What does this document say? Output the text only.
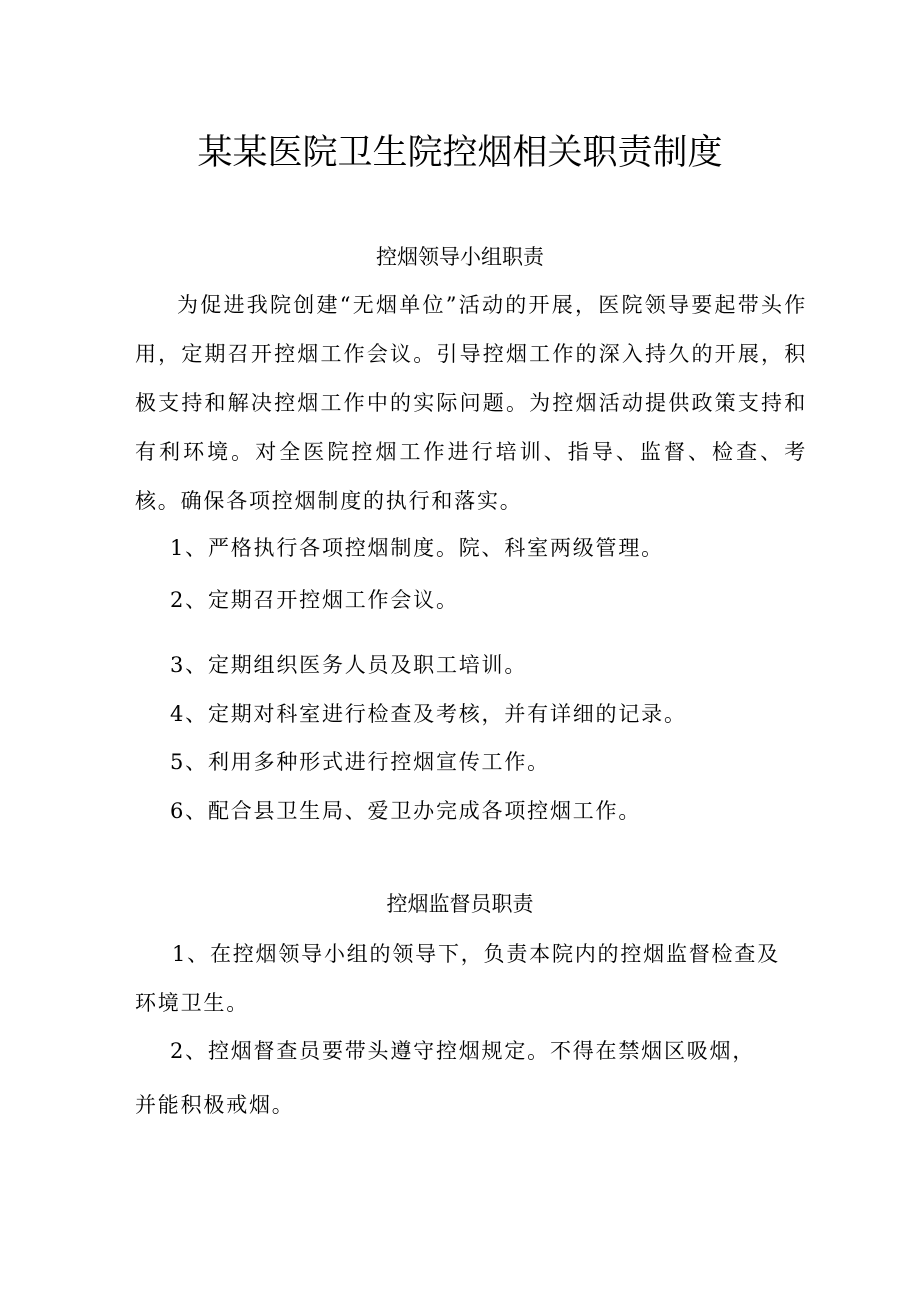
某某医院卫生院控烟相关职责制度
控烟领导小组职责

为促进我院创建“无烟单位”活动的开展，医院领导要起带头作用，定期召开控烟工作会议。引导控烟工作的深入持久的开展，积极支持和解决控烟工作中的实际问题。为控烟活动提供政策支持和有利环境。对全医院控烟工作进行培训、指导、监督、检查、考核。确保各项控烟制度的执行和落实。

1、严格执行各项控烟制度。院、科室两级管理。

2、定期召开控烟工作会议。

3、定期组织医务人员及职工培训。

4、定期对科室进行检查及考核，并有详细的记录。

5、利用多种形式进行控烟宣传工作。

6、配合县卫生局、爱卫办完成各项控烟工作。

控烟监督员职责

1、在控烟领导小组的领导下，负责本院内的控烟监督检查及

环境卫生。

2、控烟督查员要带头遵守控烟规定。不得在禁烟区吸烟，

并能积极戒烟。
